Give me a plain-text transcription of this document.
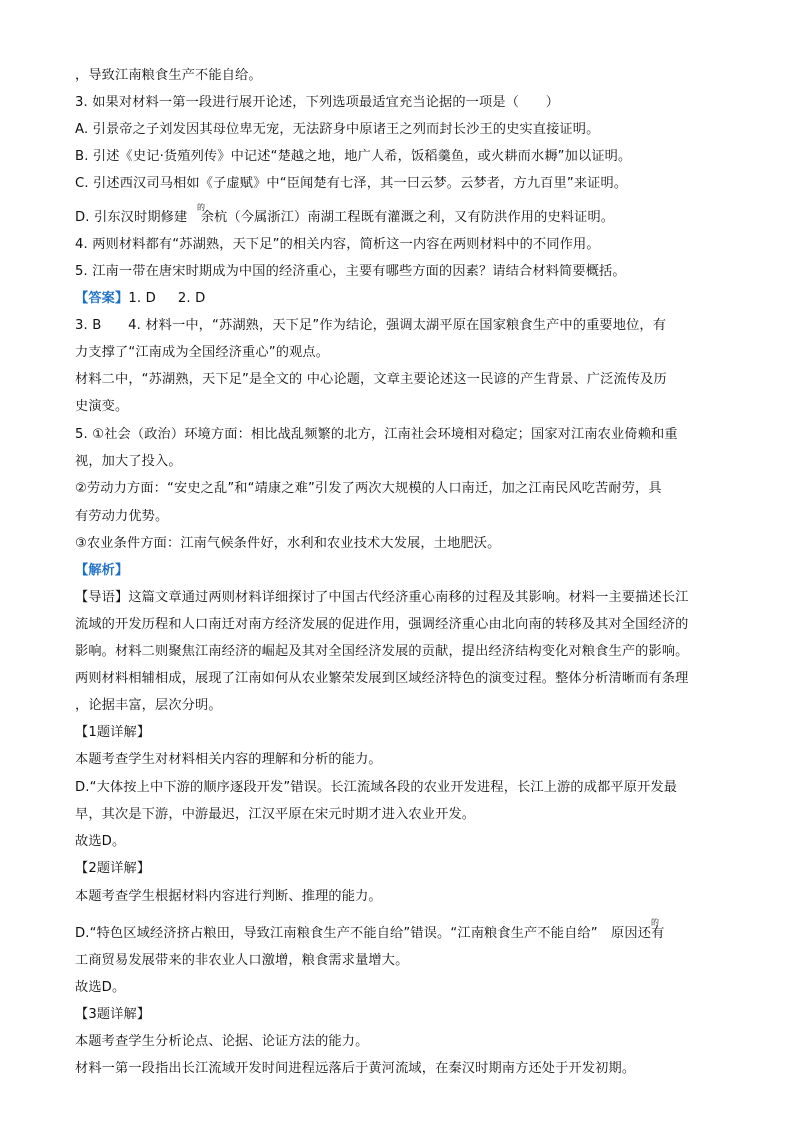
，导致江南粮食生产不能自给。
3. 如果对材料一第一段进行展开论述，下列选项最适宜充当论据的一项是（　　）
A. 引景帝之子刘发因其母位卑无宠，无法跻身中原诸王之列而封长沙王的史实直接证明。
B. 引述《史记·货殖列传》中记述“楚越之地，地广人希，饭稻羹鱼，或火耕而水耨”加以证明。
C. 引述西汉司马相如《子虚赋》中“臣闻楚有七泽，其一曰云梦。云梦者，方九百里”来证明。
D. 引东汉时期修建　余杭（今属浙江）南湖工程既有灌溉之利，又有防洪作用的史料证明。
的
4. 两则材料都有“苏湖熟，天下足”的相关内容，简析这一内容在两则材料中的不同作用。
5. 江南一带在唐宋时期成为中国的经济重心，主要有哪些方面的因素？请结合材料简要概括。
【答案】1. D 2. D
3. B　　4. 材料一中，“苏湖熟，天下足”作为结论，强调太湖平原在国家粮食生产中的重要地位，有
力支撑了“江南成为全国经济重心”的观点。
材料二中，“苏湖熟，天下足”是全文的 中心论题，文章主要论述这一民谚的产生背景、广泛流传及历
史演变。
5. ①社会（政治）环境方面：相比战乱频繁的北方，江南社会环境相对稳定；国家对江南农业倚赖和重
视，加大了投入。
②劳动力方面：“安史之乱”和“靖康之难”引发了两次大规模的人口南迁，加之江南民风吃苦耐劳，具
有劳动力优势。
③农业条件方面：江南气候条件好，水利和农业技术大发展，土地肥沃。
【解析】
【导语】这篇文章通过两则材料详细探讨了中国古代经济重心南移的过程及其影响。材料一主要描述长江
流域的开发历程和人口南迁对南方经济发展的促进作用，强调经济重心由北向南的转移及其对全国经济的
影响。材料二则聚焦江南经济的崛起及其对全国经济发展的贡献，提出经济结构变化对粮食生产的影响。
两则材料相辅相成，展现了江南如何从农业繁荣发展到区域经济特色的演变过程。整体分析清晰而有条理
，论据丰富，层次分明。
【1题详解】
本题考查学生对材料相关内容的理解和分析的能力。
D.“大体按上中下游的顺序逐段开发”错误。长江流域各段的农业开发进程，长江上游的成都平原开发最
早，其次是下游，中游最迟，江汉平原在宋元时期才进入农业开发。
故选D。
【2题详解】
本题考查学生根据材料内容进行判断、推理的能力。
D.“特色区域经济挤占粮田，导致江南粮食生产不能自给”错误。“江南粮食生产不能自给”　原因还有
的
工商贸易发展带来的非农业人口激增，粮食需求量增大。
故选D。
【3题详解】
本题考查学生分析论点、论据、论证方法的能力。
材料一第一段指出长江流域开发时间进程远落后于黄河流域，在秦汉时期南方还处于开发初期。
